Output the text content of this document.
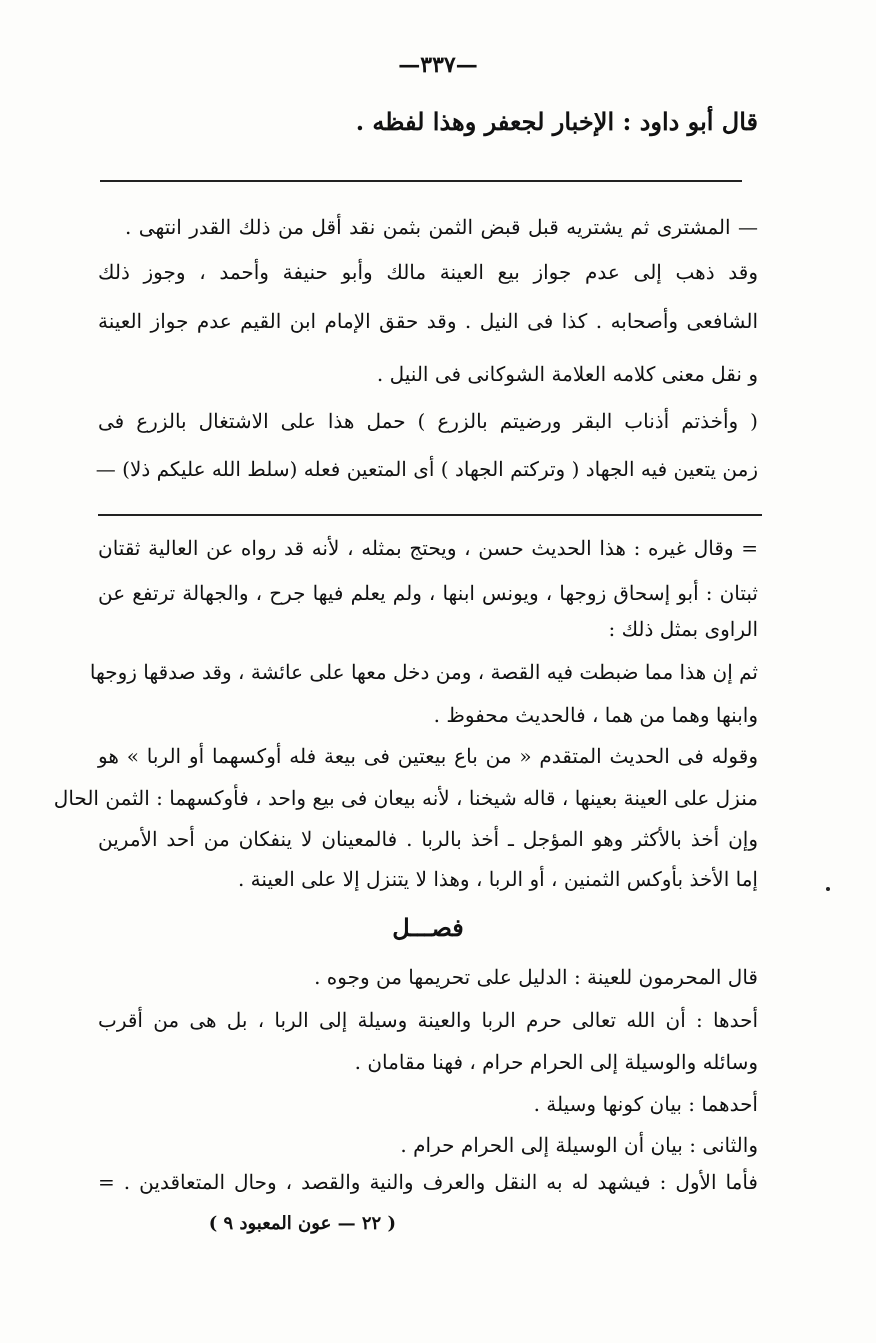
—٣٣٧—
قال أبو داود : الإخبار لجعفر وهذا لفظه .
— المشترى ثم يشتريه قبل قبض الثمن بثمن نقد أقل من ذلك القدر انتهى .
وقد ذهب إلى عدم جواز بيع العينة مالك وأبو حنيفة وأحمد ، وجوز ذلك
الشافعى وأصحابه . كذا فى النيل . وقد حقق الإمام ابن القيم عدم جواز العينة
و نقل معنى كلامه العلامة الشوكانى فى النيل .
( وأخذتم أذناب البقر ورضيتم بالزرع ) حمل هذا على الاشتغال بالزرع فى
زمن يتعين فيه الجهاد ( وتركتم الجهاد ) أى المتعين فعله (سلط الله عليكم ذلا) —
= وقال غيره : هذا الحديث حسن ، ويحتج بمثله ، لأنه قد رواه عن العالية ثقتان
ثبتان : أبو إسحاق زوجها ، ويونس ابنها ، ولم يعلم فيها جرح ، والجهالة ترتفع عن
الراوى بمثل ذلك :
ثم إن هذا مما ضبطت فيه القصة ، ومن دخل معها على عائشة ، وقد صدقها زوجها
وابنها وهما من هما ، فالحديث محفوظ .
وقوله فى الحديث المتقدم « من باع بيعتين فى بيعة فله أوكسهما أو الربا » هو
منزل على العينة بعينها ، قاله شيخنا ، لأنه بيعان فى بيع واحد ، فأوكسهما : الثمن الحال
وإن أخذ بالأكثر وهو المؤجل ـ أخذ بالربا . فالمعينان لا ينفكان من أحد الأمرين
إما الأخذ بأوكس الثمنين ، أو الربا ، وهذا لا يتنزل إلا على العينة .
فصـــل
قال المحرمون للعينة : الدليل على تحريمها من وجوه .
أحدها : أن الله تعالى حرم الربا والعينة وسيلة إلى الربا ، بل هى من أقرب
وسائله والوسيلة إلى الحرام حرام ، فهنا مقامان .
أحدهما : بيان كونها وسيلة .
والثانى : بيان أن الوسيلة إلى الحرام حرام .
فأما الأول : فيشهد له به النقل والعرف والنية والقصد ، وحال المتعاقدين . =
( ٢٢ — عون المعبود ٩ )
